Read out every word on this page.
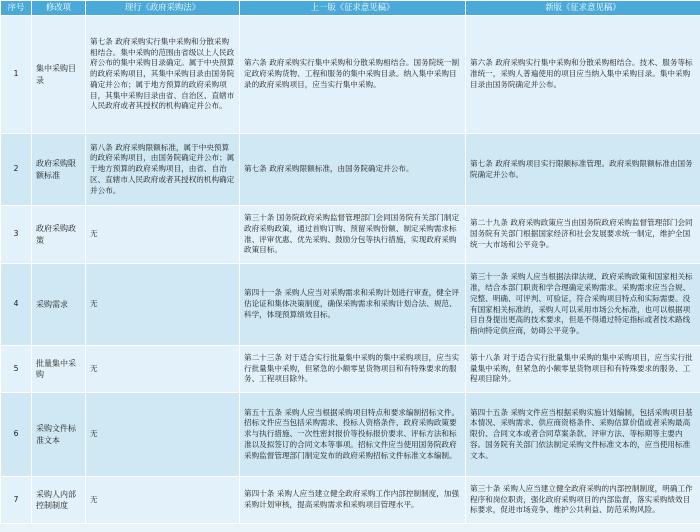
序号	修改项	现行《政府采购法》	上一版《征求意见稿》	新版《征求意见稿》
1	集中采购目录	第七条 政府采购实行集中采购和分散采购相结合。集中采购的范围由省级以上人民政府公布的集中采购目录确定。属于中央预算的政府采购项目，其集中采购目录由国务院确定并公布；属于地方预算的政府采购项目，其集中采购目录由省、自治区、直辖市人民政府或者其授权的机构确定并公布。	第六条 政府采购实行集中采购和分散采购相结合。国务院统一制定政府采购货物、工程和服务的集中采购目录。纳入集中采购目录的政府采购项目，应当实行集中采购。	第六条 政府采购实行集中采购和分散采购相结合。技术、服务等标准统一，采购人普遍使用的项目应当纳入集中采购目录。集中采购目录由国务院确定并公布。
2	政府采购限额标准	第八条 政府采购限额标准，属于中央预算的政府采购项目，由国务院确定并公布；属于地方预算的政府采购项目，由省、自治区、直辖市人民政府或者其授权的机构确定并公布。	第七条 政府采购限额标准，由国务院确定并公布。	第七条 政府采购项目实行限额标准管理。政府采购限额标准由国务院确定并公布。
3	政府采购政策	无	第三十条 国务院政府采购监督管理部门会同国务院有关部门制定政府采购政策，通过首购订购、预留采购份额、制定采购需求标准、评审优惠、优先采购、鼓励分包等执行措施，实现政府采购政策目标。	第二十九条 政府采购政策应当由国务院政府采购监督管理部门会同国务院有关部门根据国家经济和社会发展要求统一制定，维护全国统一大市场和公平竞争。
4	采购需求	无	第四十一条 采购人应当对采购需求和采购计划进行审查，健全评估论证和集体决策制度，确保采购需求和采购计划合法、规范、科学，体现预算绩效目标。	第三十一条 采购人应当根据法律法规、政府采购政策和国家相关标准，结合本部门职责和学合理确定采购需求。采购需求应当合规、完整、明确、可评判、可验证，符合采购项目特点和实际需要。没有国家相关标准的，采购人可以采用市场公允标准，也可以根据项目自身提出更高的技术要求，但是不得通过特定指标或者技术路线指向特定供应商，妨碍公平竞争。
5	批量集中采购	无	第二十三条 对于适合实行批量集中采购的集中采购项目，应当实行批量集中采购，但紧急的小额零星货物项目和有特殊要求的服务、工程项目除外。	第十八条 对于适合实行批量集中采购的集中采购项目，应当实行批量集中采购，但紧急的小额零星货物项目和有特殊要求的服务、工程项目除外。
6	采购文件标准文本	无	第五十五条 采购人应当根据采购项目特点和要求编制招标文件。招标文件应当包括采购需求、投标人资格条件、政府采购政策要求与执行措施、一次性密封报价等投标报价要求、评标方法和标准以及拟签订的合同文本等事项。招标文件应当使用国务院政府采购监督管理部门制定发布的政府采购招标文件标准文本编制。	第四十五条 采购文件应当根据采购实施计划编制，包括采购项目基本情况、采购需求、供应商资格条件、采购估算价值或者采购最高限价、合同文本或者合同草案条款、评审方法、等标期等主要内容。国务院有关部门依法制定采购文件标准文本的，应当使用标准文本。
7	采购人内部控制制度	无	第四十条 采购人应当建立健全政府采购工作内部控制制度，加强采购计划审核，提高采购需求和采购项目管理水平。	第三十条 采购人应当建立健全政府采购的内部控制制度，明确工作程序和岗位职责，强化政府采购项目的内部监督，落实采购绩效目标要求，促进市场竞争、维护公共利益、防范采购风险。
